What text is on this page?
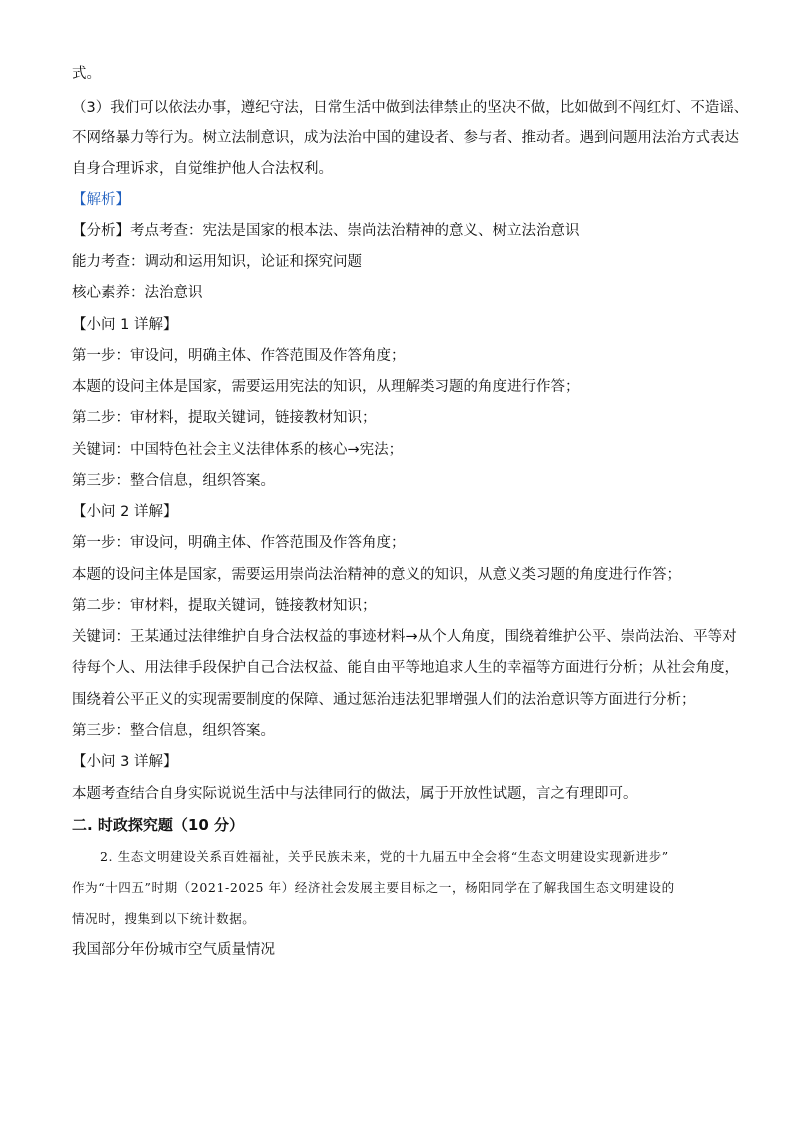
式。
（3）我们可以依法办事，遵纪守法，日常生活中做到法律禁止的坚决不做，比如做到不闯红灯、不造谣、
不网络暴力等行为。树立法制意识，成为法治中国的建设者、参与者、推动者。遇到问题用法治方式表达
自身合理诉求，自觉维护他人合法权利。
【解析】
【分析】考点考查：宪法是国家的根本法、崇尚法治精神的意义、树立法治意识
能力考查：调动和运用知识，论证和探究问题
核心素养：法治意识
【小问 1 详解】
第一步：审设问，明确主体、作答范围及作答角度；
本题的设问主体是国家，需要运用宪法的知识，从理解类习题的角度进行作答；
第二步：审材料，提取关键词，链接教材知识；
关键词：中国特色社会主义法律体系的核心→宪法；
第三步：整合信息，组织答案。
【小问 2 详解】
第一步：审设问，明确主体、作答范围及作答角度；
本题的设问主体是国家，需要运用崇尚法治精神的意义的知识，从意义类习题的角度进行作答；
第二步：审材料，提取关键词，链接教材知识；
关键词：王某通过法律维护自身合法权益的事迹材料→从个人角度，围绕着维护公平、崇尚法治、平等对
待每个人、用法律手段保护自己合法权益、能自由平等地追求人生的幸福等方面进行分析；从社会角度，
围绕着公平正义的实现需要制度的保障、通过惩治违法犯罪增强人们的法治意识等方面进行分析；
第三步：整合信息，组织答案。
【小问 3 详解】
本题考查结合自身实际说说生活中与法律同行的做法，属于开放性试题，言之有理即可。
二. 时政探究题（10 分）
2. 生态文明建设关系百姓福祉，关乎民族未来，党的十九届五中全会将“生态文明建设实现新进步”
作为“十四五”时期（2021-2025 年）经济社会发展主要目标之一，杨阳同学在了解我国生态文明建设的
情况时，搜集到以下统计数据。
我国部分年份城市空气质量情况
